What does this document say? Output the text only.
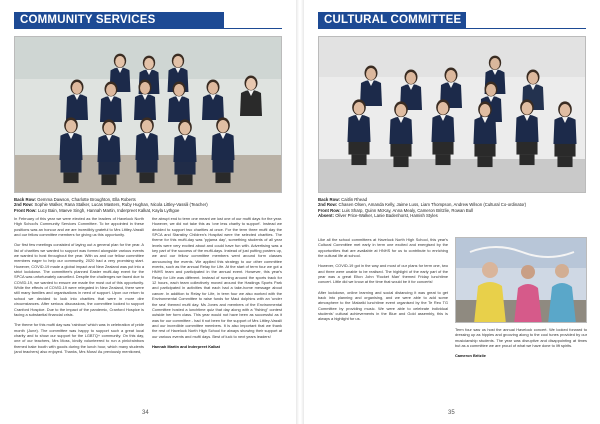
COMMUNITY SERVICES
Back Row: Gemma Dawson, Charlotte Broughton, Ella Roberts
2nd Row: Sophie Walker, Rana Stalker, Lucas Masters, Ruby Hughan, Nicola Littley-Vassili (Teacher)
Front Row: Lucy Bain, Maeve Singh, Hannah Martin, Inderpreet Kalkat, Kayla Lythgoe

In February of this year we were elected as the leaders of Havelock North High School's Community Services Committee. To be appointed in these positions was an honour and we are incredibly grateful to Mrs Littley-Vassili and our fellow committee members for giving us this opportunity.

Our first few meetings consisted of laying out a general plan for the year. A list of charities we wanted to support was formed alongside various events we wanted to host throughout the year. With us and our fellow committee members eager to help our community, 2020 had a very promising start. However, COVID-19 made a global impact and New Zealand was put into a strict lockdown. The committee's planned Easter mufti-day event for the SPCA was unfortunately cancelled. Despite the challenges we faced due to COVID-19, we wanted to ensure we made the most out of this opportunity. While the effects of COVID-19 were relegated in New Zealand, there were still many families and organisations in need of support. Upon our return to school we decided to look into charities that were in more dire circumstances. After serious discussions, the committee looked to support Cranford Hospice. Due to the impact of the pandemic, Cranford Hospice is facing a substantial financial crisis.

The theme for this mufti day was 'rainbow' which was in celebration of pride month (June). The committee was happy to support such a great local charity and to show our support for the LGBTQ+ community. On this day, one of our teachers, Mrs Moss, kindly volunteered to run a pink/rainbow themed bake booth with goods during the lunch hour, which many students (and teachers) also enjoyed. Thanks, Mrs Moss! As previously mentioned,

the abrupt end to term one meant we lost one of our mufti days for the year. However, we did not take this as 'one less charity to support'. Instead we decided to support two charities at once. For the term three mufti day the SPCA and Stanstby Children's Hospital were the selected charities. The theme for this mufti-day was 'pyjama day', something students of all year levels were very excited about and could have fun with. Advertising was a key part of the success of the mufti-days. Instead of just putting posters up, we and our fellow committee members went around form classes announcing the events. We applied this strategy to our other committee events, such as the annual Relay for Life. At the start of term four we got a HNHS team and participated in the annual event. However, this year's Relay for Life was different. Instead of running around the sports track for 12 hours, each team collectively moved around the Hastings Sports Park and participated in activities that each had a take-home message about cancer. In addition to Relay for Life, in term four we also worked with the Environmental Committee to raise funds for Maui dolphins with an 'under the sea' themed mufti day. Ms Jones and members of the Environmental Committee hosted a lunchtime quiz that day along with a "fishing" contest outside her form class. This year would not have been as successful as it was for our committee - had it not been for the support of Mrs Littley-Vassili and our incredible committee members. It is also important that we thank the rest of Havelock North High School for always showing their support at our various events and mufti days. Best of luck to next years leaders!

Hannah Martin and Inderpreet Kalkat

34
CULTURAL COMMITTEE
Back Row: Caitlin Rhead
2nd Row: Chasen Olsen, Amanda Kelly, Jaime Luss, Liam Thompson, Andrew Wilson (Cultural Co-ordinator)
Front Row: Luis Sharp, Quinn McKay, Anna Mealy, Cameron Britzlie, Rowan Bull
Absent: Oliver Price-Walker, Lanie Badenhorst, Hamish Styles

Like all the school committees at Havelock North High School, this year's Cultural Committee met early in term one excited and energised by the opportunities that are available at HNHS for us to contribute to enriching the cultural life at school.

However, COVID-19 got in the way and most of our plans for term one, two and three were unable to be realised. The highlight of the early part of the year was a great Elton John 'Rocket Man' themed Friday lunchtime concert. Little did we know at the time that would be it for concerts!

After lockdown, online learning and social distancing it was great to get back into planning and organising, and we were able to add some atmosphere to the Matariki lunchtime event organised by the Te Reo TG Committee by providing music. We were able to celebrate individual students' cultural achievements in the Blue and Gold assembly, this is always a highlight for us.

Term four saw us host the annual Havelock concert. We looked forward to dressing up as hippies and grooving along to the cool tunes provided by our musicianship students. The year was disruptive and disappointing at times but as a committee we are proud of what we have done to lift spirits.

Cameron Britzlie

35
